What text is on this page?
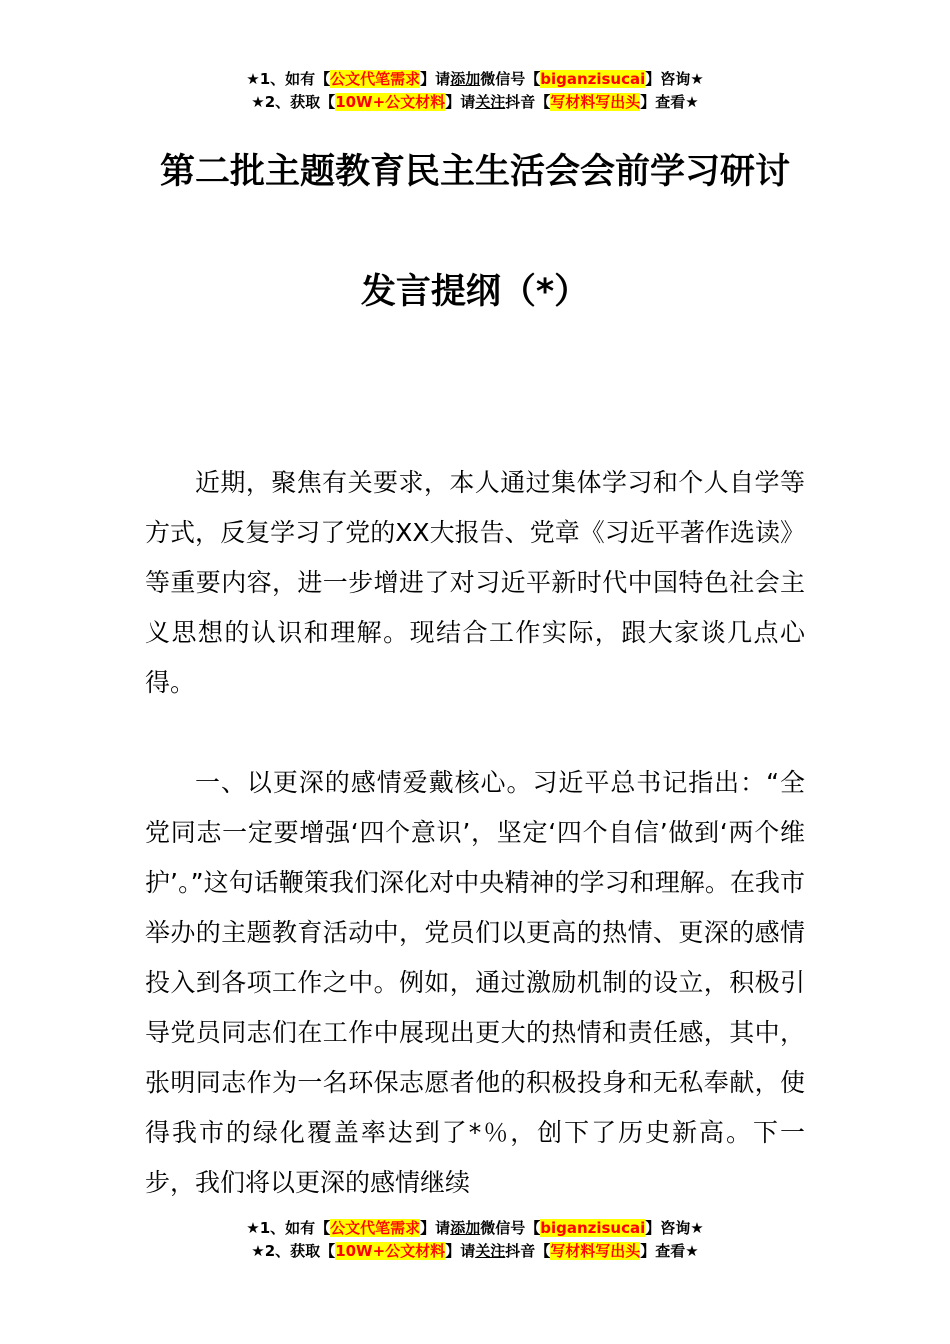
★1、如有【公文代笔需求】请添加微信号【biganzisucai】咨询★
★2、获取【10W+公文材料】请关注抖音【写材料写出头】查看★
第二批主题教育民主生活会会前学习研讨
发言提纲（*）

近期，聚焦有关要求，本人通过集体学习和个人自学等方式，反复学习了党的XX大报告、党章《习近平著作选读》等重要内容，进一步增进了对习近平新时代中国特色社会主义思想的认识和理解。现结合工作实际，跟大家谈几点心得。

一、以更深的感情爱戴核心。习近平总书记指出：“全党同志一定要增强‘四个意识’，坚定‘四个自信’做到‘两个维护’。”这句话鞭策我们深化对中央精神的学习和理解。在我市举办的主题教育活动中，党员们以更高的热情、更深的感情投入到各项工作之中。例如，通过激励机制的设立，积极引导党员同志们在工作中展现出更大的热情和责任感，其中，张明同志作为一名环保志愿者他的积极投身和无私奉献，使得我市的绿化覆盖率达到了*％，创下了历史新高。下一步，我们将以更深的感情继续

★1、如有【公文代笔需求】请添加微信号【biganzisucai】咨询★
★2、获取【10W+公文材料】请关注抖音【写材料写出头】查看★
